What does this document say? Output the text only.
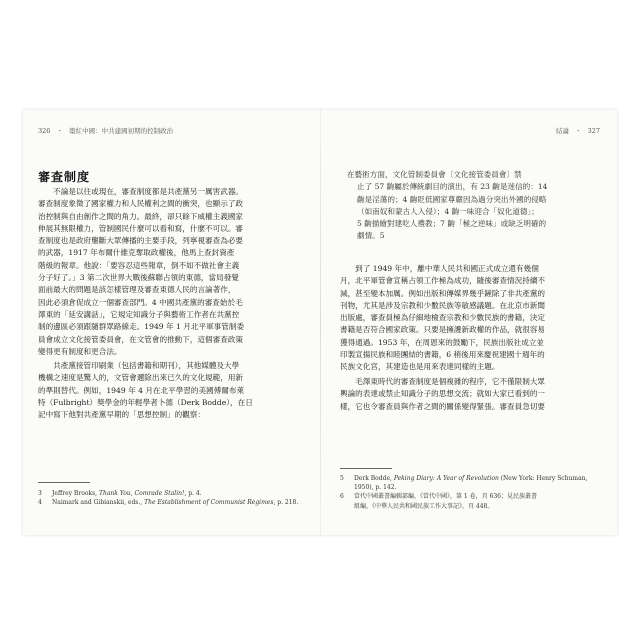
326 ・ 築紅中國：中共建國初期的控制政治	結論 ・ 327
審查制度
　　不論是以往或現在，審查制度都是共產黨另一厲害武器。
審查制度象徵了國家權力和人民權利之間的衝突，也顯示了政
治控制與自由創作之間的角力。最終，卻只餘下威權主義國家
伸展其無限權力，管制國民什麼可以看和寫，什麼不可以。審
查制度也是政府壟斷大眾傳播的主要手段，列寧視審查為必要
的武器，1917 年布爾什維克奪取政權後，他馬上查封資產
階級的報章。他說：「要容忍這些報章，倒不如不做社會主義
分子好了。」3 第二次世界大戰後蘇聯占領的東德，當局發覺
面前最大的問題是該怎樣管理及審查東德人民的言論著作，
因此必須倉促成立一個審查部門。4 中國共產黨的審查始於毛
澤東的「延安講話」，它規定知識分子與藝術工作者在共黨控
制的邊區必須跟隨群眾路線走。1949 年 1 月北平軍事管制委
員會成立文化接管委員會，在文管會的推動下，這個審查政策
變得更有制度和更合法。
　　共產黨接管印刷業（包括書籍和期刊），其他媒體及大學
機構之速度是驚人的，文管會邇除出來已久的文化規範，用新
的準則替代。例如，1949 年 4 月在北平學習的美國傅爾布萊
特（Fulbright）獎學金的年輕學者卜德（Derk Bodde），在日
記中寫下他對共產黨早期的「思想控制」的觀察：
3	Jeffrey Brooks, Thank You, Comrade Stalin!, p. 4.
4	Naimark and Gibianskii, eds., The Establishment of Communist Regimes, p. 218.
在藝術方面，文化管制委員會〔文化接管委員會〕禁
止了 57 齣屬於傳統劇目的演出，有 23 齣是迷信的：14
齣是淫蕩的；4 齣貶低國家尊嚴因為過分突出外國的侵略
（如南奴和蒙古人入侵）；4 齣一味迎合「奴化道德」；
5 齣描繪對建吃人禮教；7 齣「極之逆味」或缺乏明確的
劇情。5
　　到了 1949 年中，離中華人民共和國正式成立還有幾個
月，北平軍管會宣稱占領工作極為成功，隨後審查情況持續不
減，甚至變本加厲。例如出版和傳媒界幾乎鏟除了非共產黨的
刊物，尤其是涉及宗教和少數民族等敏感議題。在北京市新聞
出版處，審查員極為仔細地檢查宗教和少數民族的書籍，決定
書籍是否符合國家政策。只要是擁護新政權的作品，就很容易
獲得通過。1953 年，在周恩來的鼓勵下，民族出版社成立並
印製宣揚民族和睦團結的書籍，6 稍後用來慶祝建國十週年的
民族文化宮，其建造也是用來表達同樣的主題。
　　毛澤東時代的審查制度是個複雜的程序，它不僅限制大眾
輿論的表達或禁止知識分子的思想交流；就如大家已看到的一
樣，它也令審查員與作者之間的關係變得緊張。審查員急切要
5	Derk Bodde, Peking Diary: A Year of Revolution (New York: Henry Schuman,
1950), p. 142.
6	當代中國叢書編輯部編，《當代中國》，第 1 卷，頁 636；見民族叢書
組編，《中華人民共和國民族工作大事記》，頁 448。
